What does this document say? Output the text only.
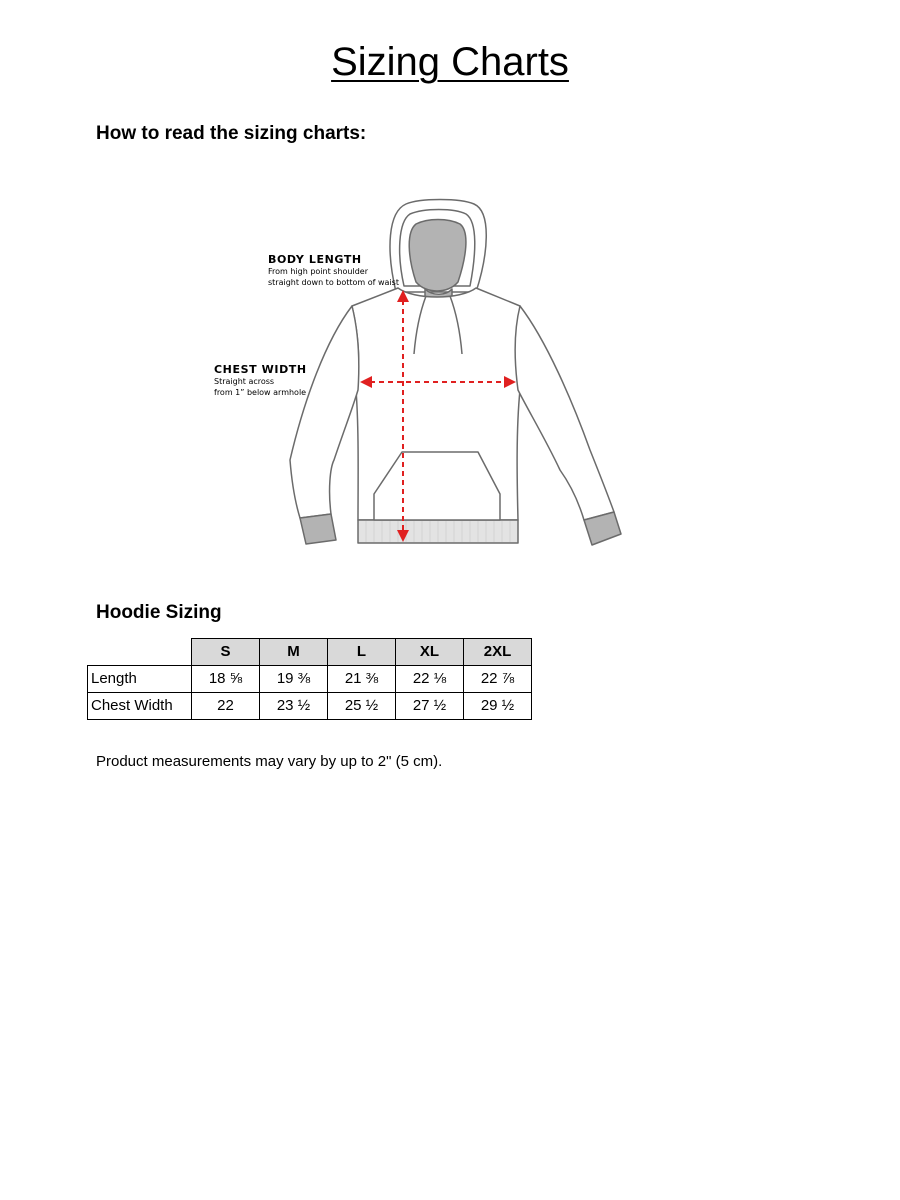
Sizing Charts
How to read the sizing charts:
BODY LENGTH
From high point shoulder
straight down to bottom of waist
CHEST WIDTH
Straight across
from 1” below armhole
Hoodie Sizing
	S	M	L	XL	2XL
Length	18 ⅝	19 ⅜	21 ⅜	22 ⅛	22 ⅞
Chest Width	22	23 ½	25 ½	27 ½	29 ½
Product measurements may vary by up to 2" (5 cm).
